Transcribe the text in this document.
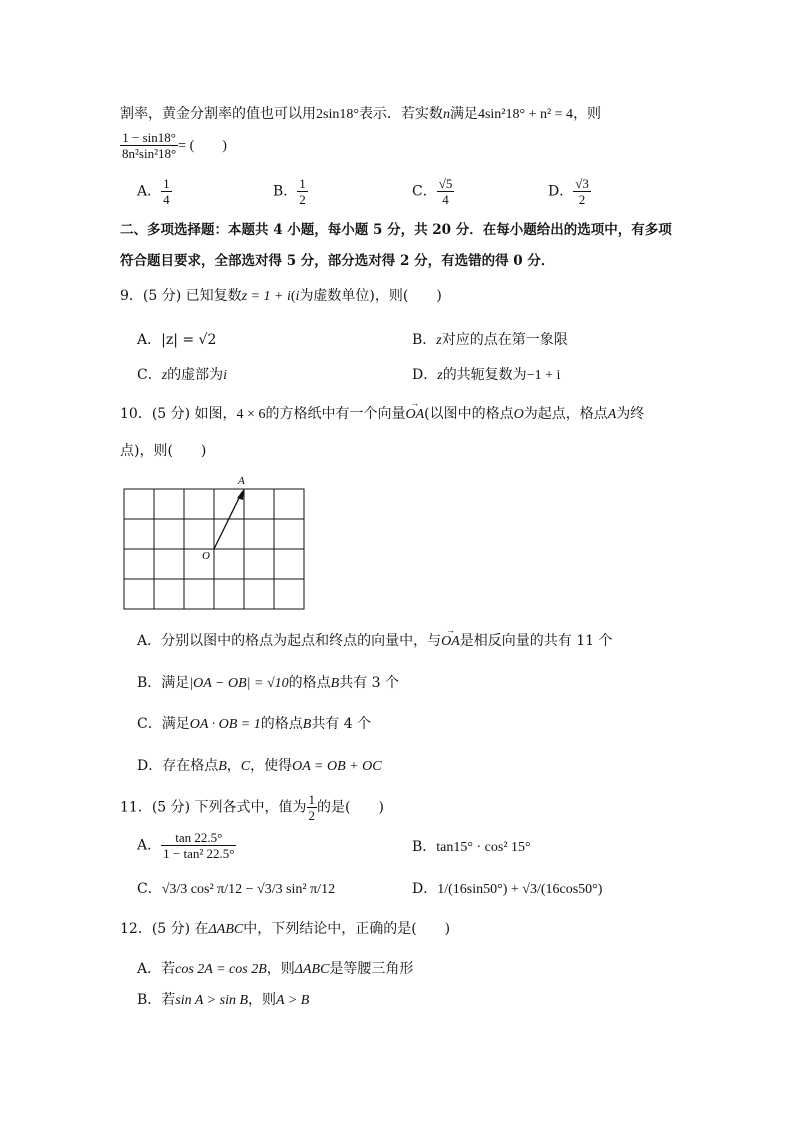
割率，黄金分割率的值也可以用2sin18°表示．若实数n满足4sin²18° + n² = 4，则
$\frac{1 - \sin 18^\circ}{\text{8n²sin²18°}}$ = (　　)
A． $\frac{1}{4}$	B． $\frac{1}{2}$	C． $\frac{√5}{4}$	D． $\frac{√3}{2}$
二、多项选择题：本题共 4 小题，每小题 5 分，共 20 分．在每小题给出的选项中，有多项
符合题目要求，全部选对得 5 分，部分选对得 2 分，有选错的得 0 分．
9．(5 分) 已知复数z = 1 + i(i为虚数单位)，则(　　)
A．|z| = √2	B．z对应的点在第一象限
C．z的虚部为i	D．z的共轭复数为−1 + i
10．(5 分) 如图，4 × 6的方格纸中有一个向量→ OA(以图中的格点O为起点，格点A为终
点)，则(　　)
A
O
A．分别以图中的格点为起点和终点的向量中，与→ OA是相反向量的共有 11 个
B．满足|OA − OB| = √10的格点B共有 3 个
C．满足OA · OB = 1的格点B共有 4 个
D．存在格点B，C，使得OA = OB + OC
11．(5 分) 下列各式中，值为 $\frac{1}{2}$ 的是(　　)
A． $\frac{\tan 22.5^\circ}{\text{1 − tan² 22.5°}}$	B．tan15° · cos² 15°
C．√3/3 cos² π/12 − √3/3 sin² π/12	D．1/(16sin50°) + √3/(16cos50°)
12．(5 分) 在ΔABC中，下列结论中，正确的是(　　)
A．若cos 2A = cos 2B，则ΔABC是等腰三角形
B．若sin A > sin B，则A > B
